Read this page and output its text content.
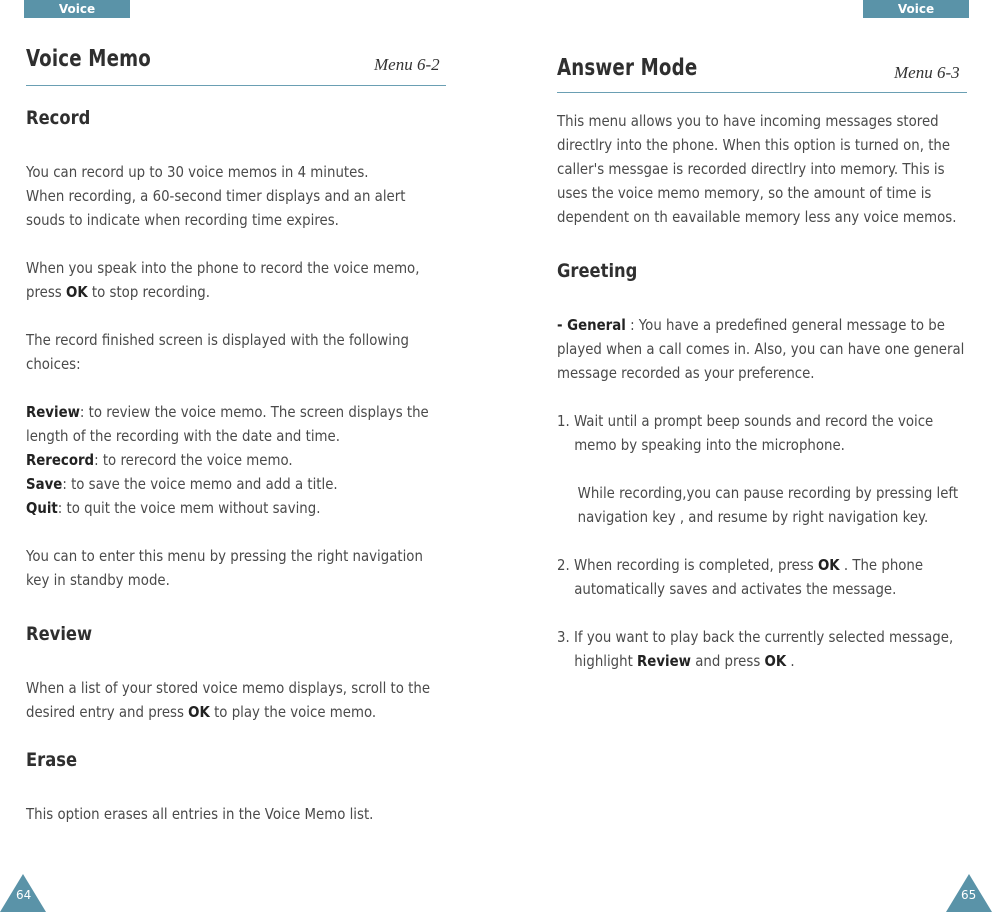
Voice
Voice Memo	Menu 6-2

Record

You can record up to 30 voice memos in 4 minutes.

When recording, a 60-second timer displays and an alert souds to indicate when recording time expires.

When you speak into the phone to record the voice memo, press OK to stop recording.

The record finished screen is displayed with the following choices:

Review: to review the voice memo. The screen displays the length of the recording with the date and time.

Rerecord: to rerecord the voice memo.

Save: to save the voice memo and add a title.

Quit: to quit the voice mem without saving.

You can to enter this menu by pressing the right navigation key in standby mode.

Review

When a list of your stored voice memo displays, scroll to the desired entry and press OK to play the voice memo.

Erase

This option erases all entries in the Voice Memo list.

64
Voice
Answer Mode	Menu 6-3

This menu allows you to have incoming messages stored directlry into the phone. When this option is turned on, the caller's messgae is recorded directlry into memory. This is uses the voice memo memory, so the amount of time is dependent on th eavailable memory less any voice memos.

Greeting

- General : You have a predefined general message to be played when a call comes in. Also, you can have one general message recorded as your preference.

1. Wait until a prompt beep sounds and record the voice memo by speaking into the microphone.

While recording,you can pause recording by pressing left navigation key , and resume by right navigation key.

2. When recording is completed, press OK . The phone automatically saves and activates the message.

3. If you want to play back the currently selected message, highlight Review and press OK .

65
